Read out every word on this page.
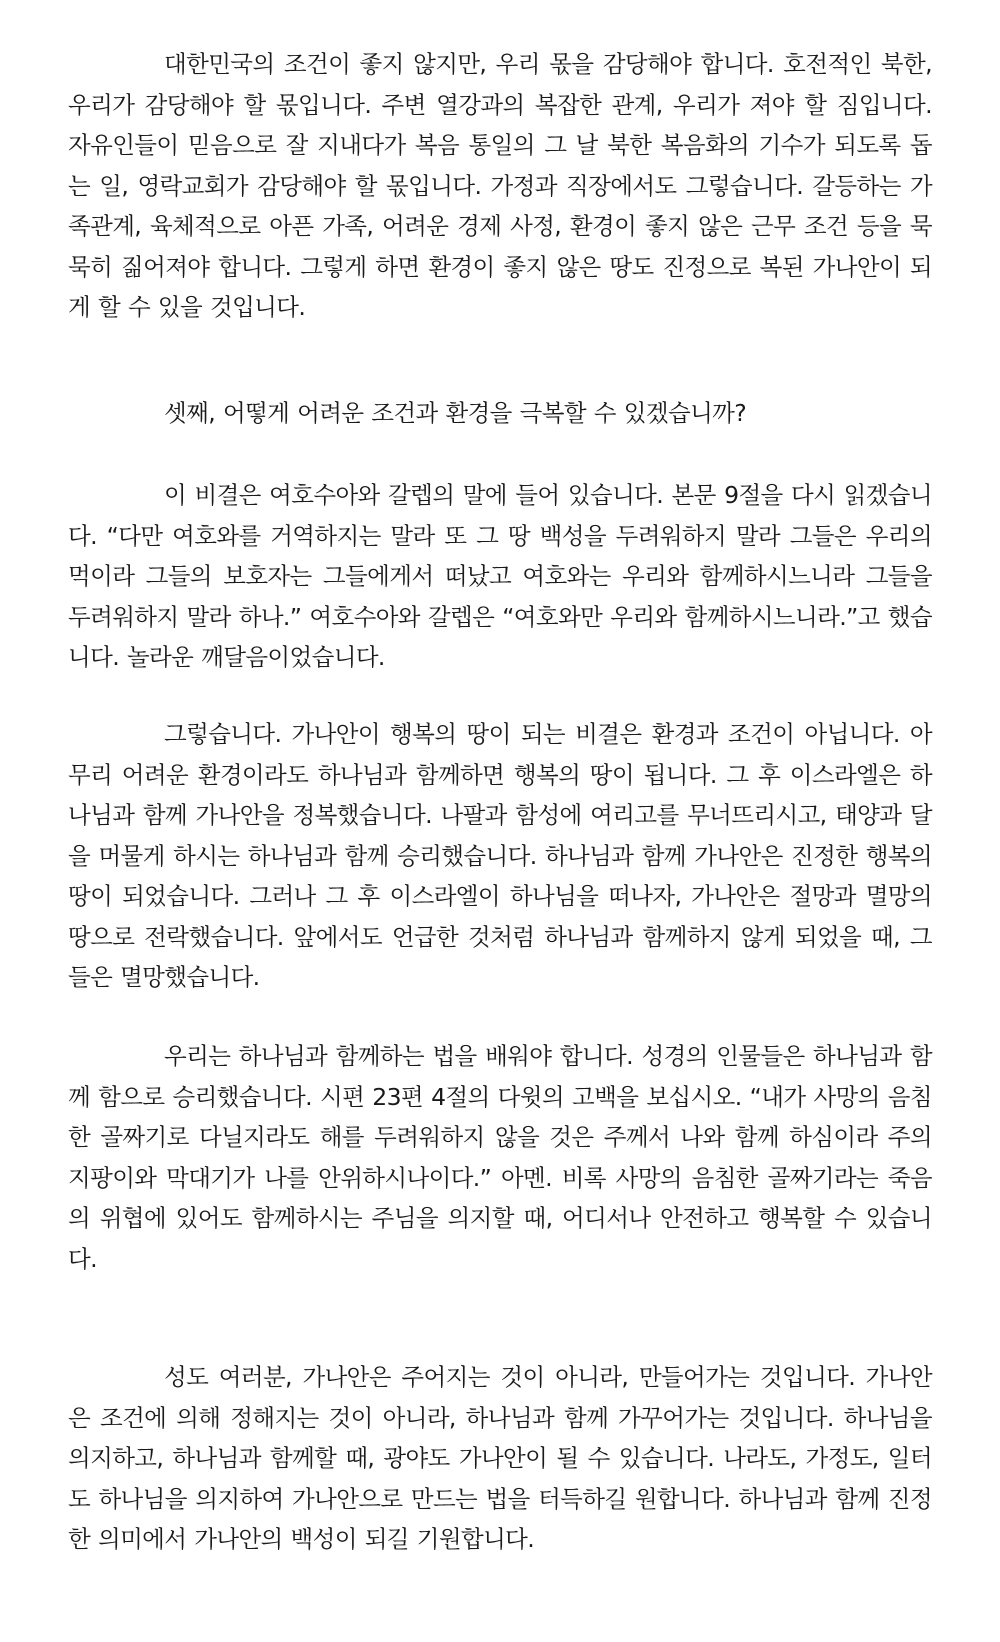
대한민국의 조건이 좋지 않지만, 우리 몫을 감당해야 합니다. 호전적인 북한, 우리가 감당해야 할 몫입니다. 주변 열강과의 복잡한 관계, 우리가 져야 할 짐입니다. 자유인들이 믿음으로 잘 지내다가 복음 통일의 그 날 북한 복음화의 기수가 되도록 돕는 일, 영락교회가 감당해야 할 몫입니다. 가정과 직장에서도 그렇습니다. 갈등하는 가족관계, 육체적으로 아픈 가족, 어려운 경제 사정, 환경이 좋지 않은 근무 조건 등을 묵묵히 짊어져야 합니다. 그렇게 하면 환경이 좋지 않은 땅도 진정으로 복된 가나안이 되게 할 수 있을 것입니다.

셋째, 어떻게 어려운 조건과 환경을 극복할 수 있겠습니까?

이 비결은 여호수아와 갈렙의 말에 들어 있습니다. 본문 9절을 다시 읽겠습니다. “다만 여호와를 거역하지는 말라 또 그 땅 백성을 두려워하지 말라 그들은 우리의 먹이라 그들의 보호자는 그들에게서 떠났고 여호와는 우리와 함께하시느니라 그들을 두려워하지 말라 하나.” 여호수아와 갈렙은 “여호와만 우리와 함께하시느니라.”고 했습니다. 놀라운 깨달음이었습니다.

그렇습니다. 가나안이 행복의 땅이 되는 비결은 환경과 조건이 아닙니다. 아무리 어려운 환경이라도 하나님과 함께하면 행복의 땅이 됩니다. 그 후 이스라엘은 하나님과 함께 가나안을 정복했습니다. 나팔과 함성에 여리고를 무너뜨리시고, 태양과 달을 머물게 하시는 하나님과 함께 승리했습니다. 하나님과 함께 가나안은 진정한 행복의 땅이 되었습니다. 그러나 그 후 이스라엘이 하나님을 떠나자, 가나안은 절망과 멸망의 땅으로 전락했습니다. 앞에서도 언급한 것처럼 하나님과 함께하지 않게 되었을 때, 그들은 멸망했습니다.

우리는 하나님과 함께하는 법을 배워야 합니다. 성경의 인물들은 하나님과 함께 함으로 승리했습니다. 시편 23편 4절의 다윗의 고백을 보십시오. “내가 사망의 음침한 골짜기로 다닐지라도 해를 두려워하지 않을 것은 주께서 나와 함께 하심이라 주의 지팡이와 막대기가 나를 안위하시나이다.” 아멘. 비록 사망의 음침한 골짜기라는 죽음의 위협에 있어도 함께하시는 주님을 의지할 때, 어디서나 안전하고 행복할 수 있습니다.

성도 여러분, 가나안은 주어지는 것이 아니라, 만들어가는 것입니다. 가나안은 조건에 의해 정해지는 것이 아니라, 하나님과 함께 가꾸어가는 것입니다. 하나님을 의지하고, 하나님과 함께할 때, 광야도 가나안이 될 수 있습니다. 나라도, 가정도, 일터도 하나님을 의지하여 가나안으로 만드는 법을 터득하길 원합니다. 하나님과 함께 진정한 의미에서 가나안의 백성이 되길 기원합니다.
